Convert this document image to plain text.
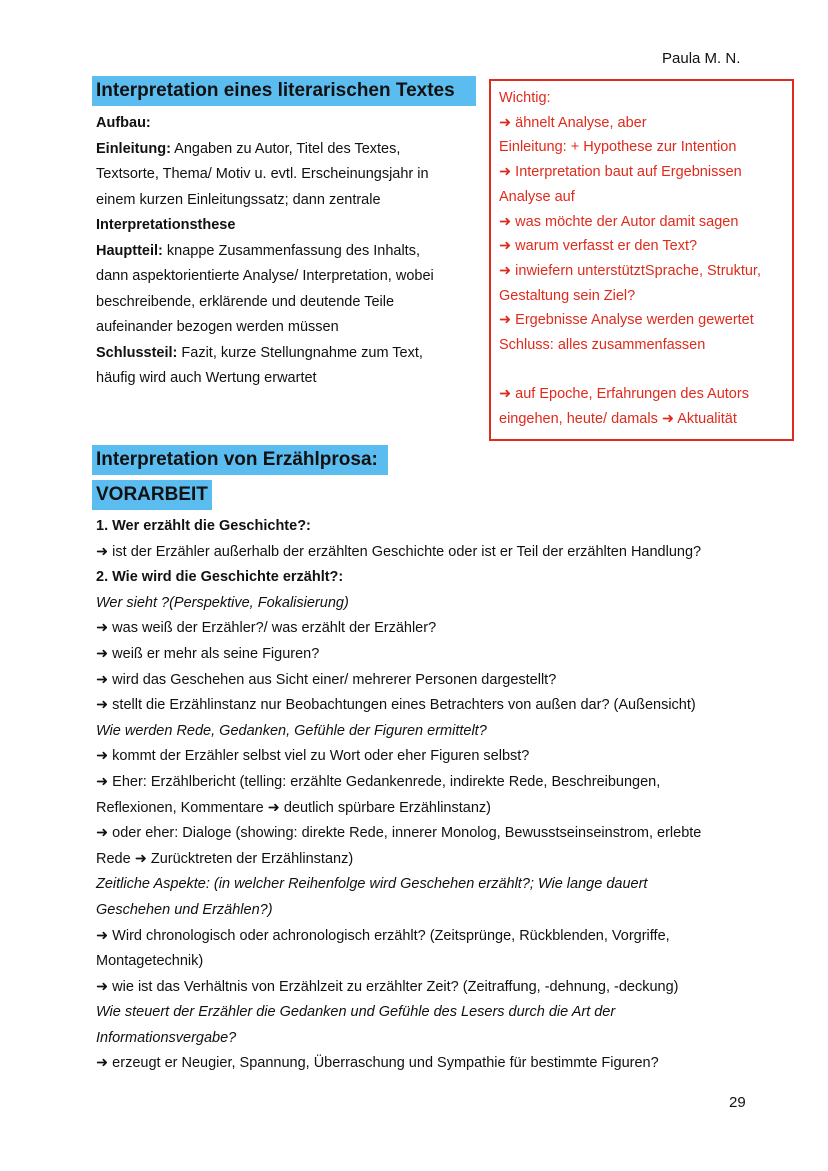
Paula M. N.
Interpretation eines literarischen Textes

Aufbau:

Einleitung: Angaben zu Autor, Titel des Textes,
Textsorte, Thema/ Motiv u. evtl. Erscheinungsjahr in
einem kurzen Einleitungssatz; dann zentrale
Interpretationsthese

Hauptteil: knappe Zusammenfassung des Inhalts,
dann aspektorientierte Analyse/ Interpretation, wobei
beschreibende, erklärende und deutende Teile
aufeinander bezogen werden müssen

Schlussteil: Fazit, kurze Stellungnahme zum Text,
häufig wird auch Wertung erwartet

Wichtig:
➜ ähnelt Analyse, aber
Einleitung: + Hypothese zur Intention
➜ Interpretation baut auf Ergebnissen
Analyse auf
➜ was möchte der Autor damit sagen
➜ warum verfasst er den Text?
➜ inwiefern unterstütztSprache, Struktur,
Gestaltung sein Ziel?
➜ Ergebnisse Analyse werden gewertet
Schluss: alles zusammenfassen
➜ auf Epoche, Erfahrungen des Autors
eingehen, heute/ damals ➜ Aktualität
Interpretation von Erzählprosa:
VORARBEIT
1. Wer erzählt die Geschichte?:
➜ ist der Erzähler außerhalb der erzählten Geschichte oder ist er Teil der erzählten Handlung?
2. Wie wird die Geschichte erzählt?:
Wer sieht ?(Perspektive, Fokalisierung)
➜ was weiß der Erzähler?/ was erzählt der Erzähler?
➜ weiß er mehr als seine Figuren?
➜ wird das Geschehen aus Sicht einer/ mehrerer Personen dargestellt?
➜ stellt die Erzählinstanz nur Beobachtungen eines Betrachters von außen dar? (Außensicht)
Wie werden Rede, Gedanken, Gefühle der Figuren ermittelt?
➜ kommt der Erzähler selbst viel zu Wort oder eher Figuren selbst?
➜ Eher: Erzählbericht (telling: erzählte Gedankenrede, indirekte Rede, Beschreibungen,
Reflexionen, Kommentare ➜ deutlich spürbare Erzählinstanz)
➜ oder eher: Dialoge (showing: direkte Rede, innerer Monolog, Bewusstseinseinstrom, erlebte
Rede ➜ Zurücktreten der Erzählinstanz)
Zeitliche Aspekte: (in welcher Reihenfolge wird Geschehen erzählt?; Wie lange dauert
Geschehen und Erzählen?)
➜ Wird chronologisch oder achronologisch erzählt? (Zeitsprünge, Rückblenden, Vorgriffe,
Montagetechnik)
➜ wie ist das Verhältnis von Erzählzeit zu erzählter Zeit? (Zeitraffung, -dehnung, -deckung)
Wie steuert der Erzähler die Gedanken und Gefühle des Lesers durch die Art der
Informationsvergabe?
➜ erzeugt er Neugier, Spannung, Überraschung und Sympathie für bestimmte Figuren?
29
